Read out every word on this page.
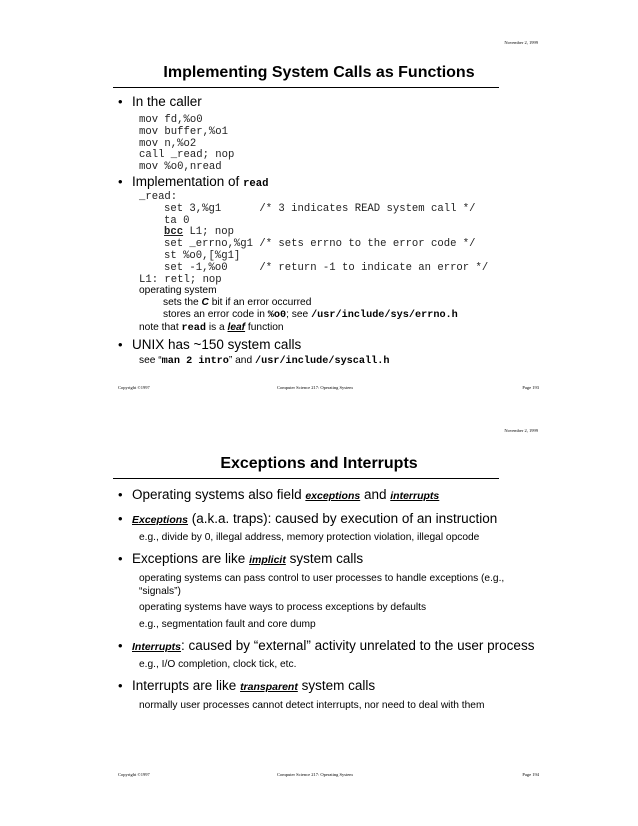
November 2, 1999
Implementing System Calls as Functions
• In the caller
mov fd,%o0
mov buffer,%o1
mov n,%o2
call _read; nop
mov %o0,nread
• Implementation of read
_read:
set 3,%g1      /* 3 indicates READ system call */
ta 0
bcc L1; nop
set _errno,%g1 /* sets errno to the error code */
st %o0,[%g1]
set -1,%o0     /* return -1 to indicate an error */
L1: retl; nop
operating system
sets the C bit if an error occurred
stores an error code in %o0; see /usr/include/sys/errno.h
note that read is a leaf function
• UNIX has ~150 system calls
see “man 2 intro” and /usr/include/syscall.h
Copyright ©1997	Computer Science 217: Operating System	Page 193
November 2, 1999
Exceptions and Interrupts
• Operating systems also field exceptions and interrupts
• Exceptions (a.k.a. traps): caused by execution of an instruction
e.g., divide by 0, illegal address, memory protection violation, illegal opcode
• Exceptions are like implicit system calls
operating systems can pass control to user processes to handle exceptions (e.g.,
“signals”)
operating systems have ways to process exceptions by defaults
e.g., segmentation fault and core dump
• Interrupts: caused by “external” activity unrelated to the user process
e.g., I/O completion, clock tick, etc.
• Interrupts are like transparent system calls
normally user processes cannot detect interrupts, nor need to deal with them
Copyright ©1997	Computer Science 217: Operating System	Page 194
